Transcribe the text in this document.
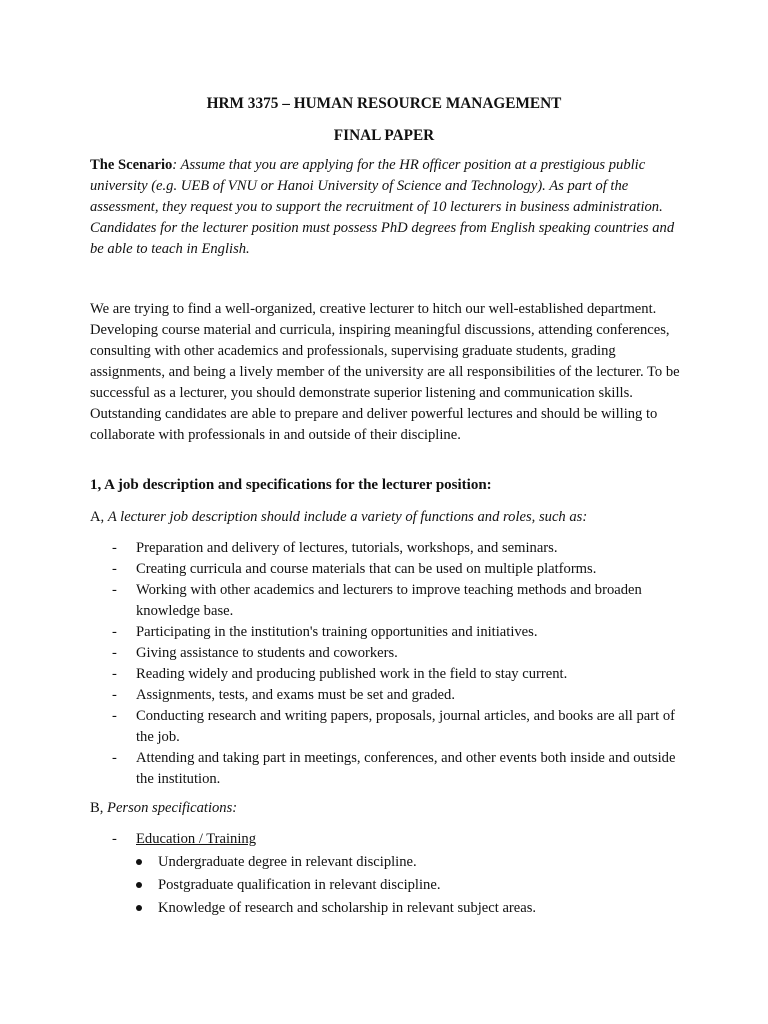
HRM 3375 – HUMAN RESOURCE MANAGEMENT
FINAL PAPER
The Scenario: Assume that you are applying for the HR officer position at a prestigious public university (e.g. UEB of VNU or Hanoi University of Science and Technology). As part of the assessment, they request you to support the recruitment of 10 lecturers in business administration. Candidates for the lecturer position must possess PhD degrees from English speaking countries and be able to teach in English.
We are trying to find a well-organized, creative lecturer to hitch our well-established department. Developing course material and curricula, inspiring meaningful discussions, attending conferences, consulting with other academics and professionals, supervising graduate students, grading assignments, and being a lively member of the university are all responsibilities of the lecturer. To be successful as a lecturer, you should demonstrate superior listening and communication skills. Outstanding candidates are able to prepare and deliver powerful lectures and should be willing to collaborate with professionals in and outside of their discipline.
1, A job description and specifications for the lecturer position:
A, A lecturer job description should include a variety of functions and roles, such as:
- Preparation and delivery of lectures, tutorials, workshops, and seminars.
- Creating curricula and course materials that can be used on multiple platforms.
- Working with other academics and lecturers to improve teaching methods and broaden knowledge base.
- Participating in the institution's training opportunities and initiatives.
- Giving assistance to students and coworkers.
- Reading widely and producing published work in the field to stay current.
- Assignments, tests, and exams must be set and graded.
- Conducting research and writing papers, proposals, journal articles, and books are all part of the job.
- Attending and taking part in meetings, conferences, and other events both inside and outside the institution.
B, Person specifications:
- Education / Training
Undergraduate degree in relevant discipline.
Postgraduate qualification in relevant discipline.
Knowledge of research and scholarship in relevant subject areas.
